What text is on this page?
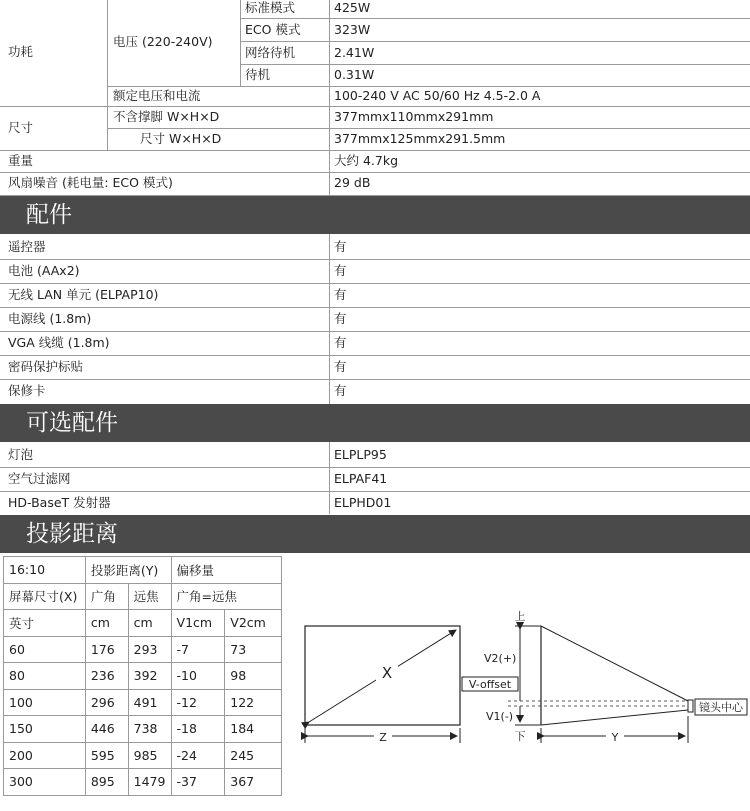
功耗
电压 (220-240V)
标准模式	425W
ECO 模式	323W
网络待机	2.41W
待机	0.31W
额定电压和电流	100-240 V AC 50/60 Hz 4.5-2.0 A
尺寸
不含撑脚 W×H×D	377mmx110mmx291mm
尺寸 W×H×D	377mmx125mmx291.5mm
重量	大约 4.7kg
风扇噪音 (耗电量: ECO 模式)	29 dB
配件
遥控器	有
电池 (AAx2)	有
无线 LAN 单元 (ELPAP10)	有
电源线 (1.8m)	有
VGA 线缆 (1.8m)	有
密码保护标贴	有
保修卡	有
可选配件
灯泡	ELPLP95
空气过滤网	ELPAF41
HD-BaseT 发射器	ELPHD01
投影距离
16:10	投影距离(Y)		偏移量	
屏幕尺寸(X)	广角	远焦	广角=远焦	
英寸	cm	cm	V1cm	V2cm
60	176	293	-7	73
80	236	392	-10	98
100	296	491	-12	122
150	446	738	-18	184
200	595	985	-24	245
300	895	1479	-37	367
X
上
下
V2(+)
V-offset
V1(-)
镜头中心
Z	Y
